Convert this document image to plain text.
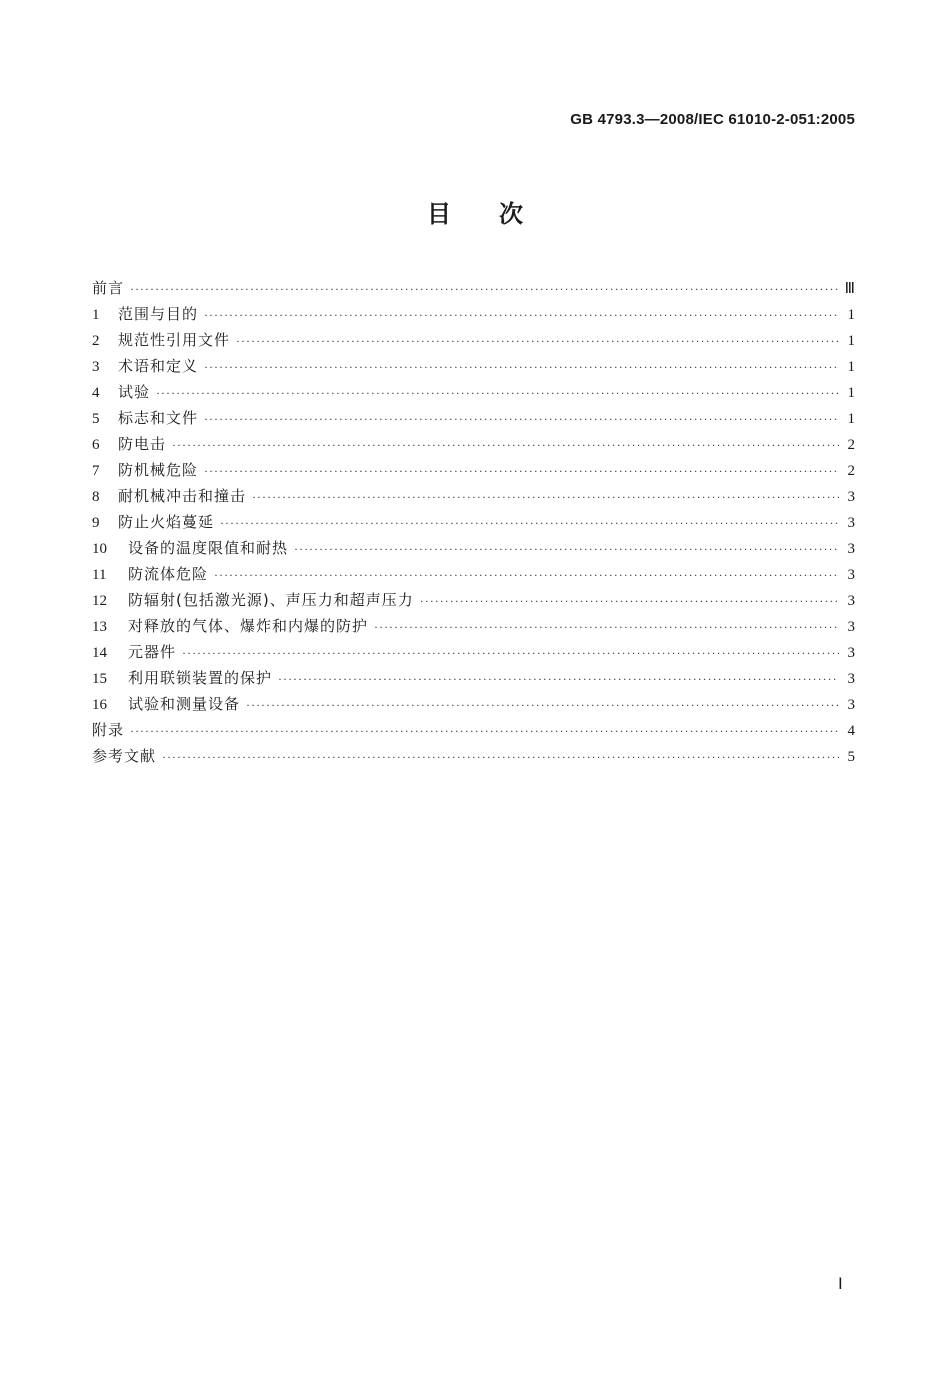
GB 4793.3—2008/IEC 61010-2-051:2005
目次
前言 ·····	Ⅲ
1	范围与目的 ·····	1
2	规范性引用文件 ·····	1
3	术语和定义 ·····	1
4	试验 ·····	1
5	标志和文件 ·····	1
6	防电击 ·····	2
7	防机械危险 ·····	2
8	耐机械冲击和撞击 ·····	3
9	防止火焰蔓延 ·····	3
10	设备的温度限值和耐热 ·····	3
11	防流体危险 ·····	3
12	防辐射(包括激光源)、声压力和超声压力 ·····	3
13	对释放的气体、爆炸和内爆的防护 ·····	3
14	元器件 ·····	3
15	利用联锁装置的保护 ·····	3
16	试验和测量设备 ·····	3
附录 ·····	4
参考文献 ·····	5
Ⅰ
